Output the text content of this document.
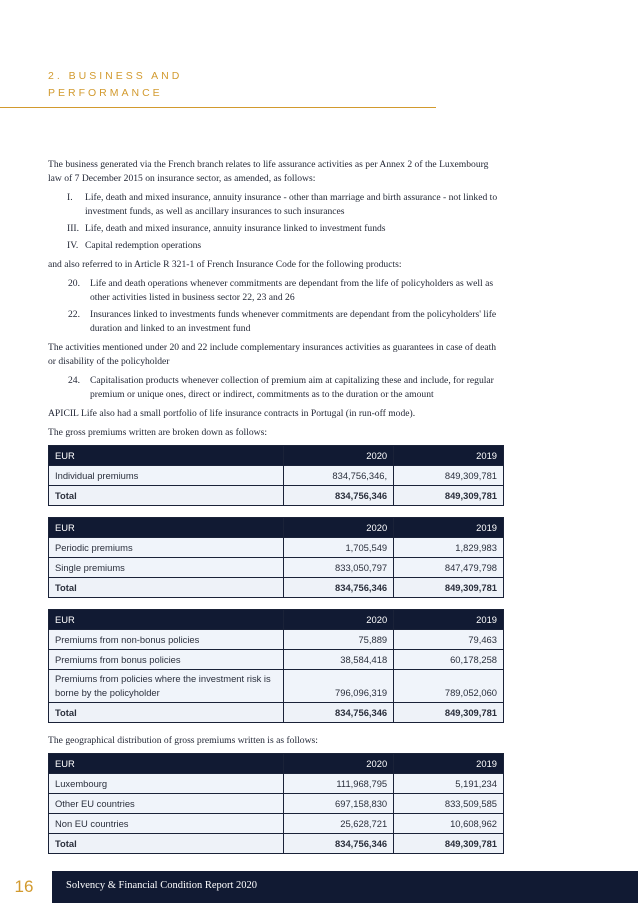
2. BUSINESS AND
PERFORMANCE

The business generated via the French branch relates to life assurance activities as per Annex 2 of the Luxembourg law of 7 December 2015 on insurance sector, as amended, as follows:

I.	Life, death and mixed insurance, annuity insurance - other than marriage and birth assurance - not linked to investment funds, as well as ancillary insurances to such insurances
III. Life, death and mixed insurance, annuity insurance linked to investment funds
IV. Capital redemption operations

and also referred to in Article R 321-1 of French Insurance Code for the following products:

20.	Life and death operations whenever commitments are dependant from the life of policyholders as well as other activities listed in business sector 22, 23 and 26
22.	Insurances linked to investments funds whenever commitments are dependant from the policyholders' life duration and linked to an investment fund

The activities mentioned under 20 and 22 include complementary insurances activities as guarantees in case of death or disability of the policyholder

24.	Capitalisation products whenever collection of premium aim at capitalizing these and include, for regular premium or unique ones, direct or indirect, commitments as to the duration or the amount

APICIL Life also had a small portfolio of life insurance contracts in Portugal (in run-off mode).

The gross premiums written are broken down as follows:

EUR	2020	2019
Individual premiums	834,756,346,	849,309,781
Total	834,756,346	849,309,781
EUR	2020	2019
Periodic premiums	1,705,549	1,829,983
Single premiums	833,050,797	847,479,798
Total	834,756,346	849,309,781
EUR	2020	2019
Premiums from non-bonus policies	75,889	79,463
Premiums from bonus policies	38,584,418	60,178,258
Premiums from policies where the investment risk is borne by the policyholder	796,096,319	789,052,060
Total	834,756,346	849,309,781

The geographical distribution of gross premiums written is as follows:

EUR	2020	2019
Luxembourg	111,968,795	5,191,234
Other EU countries	697,158,830	833,509,585
Non EU countries	25,628,721	10,608,962
Total	834,756,346	849,309,781
16	Solvency & Financial Condition Report 2020
